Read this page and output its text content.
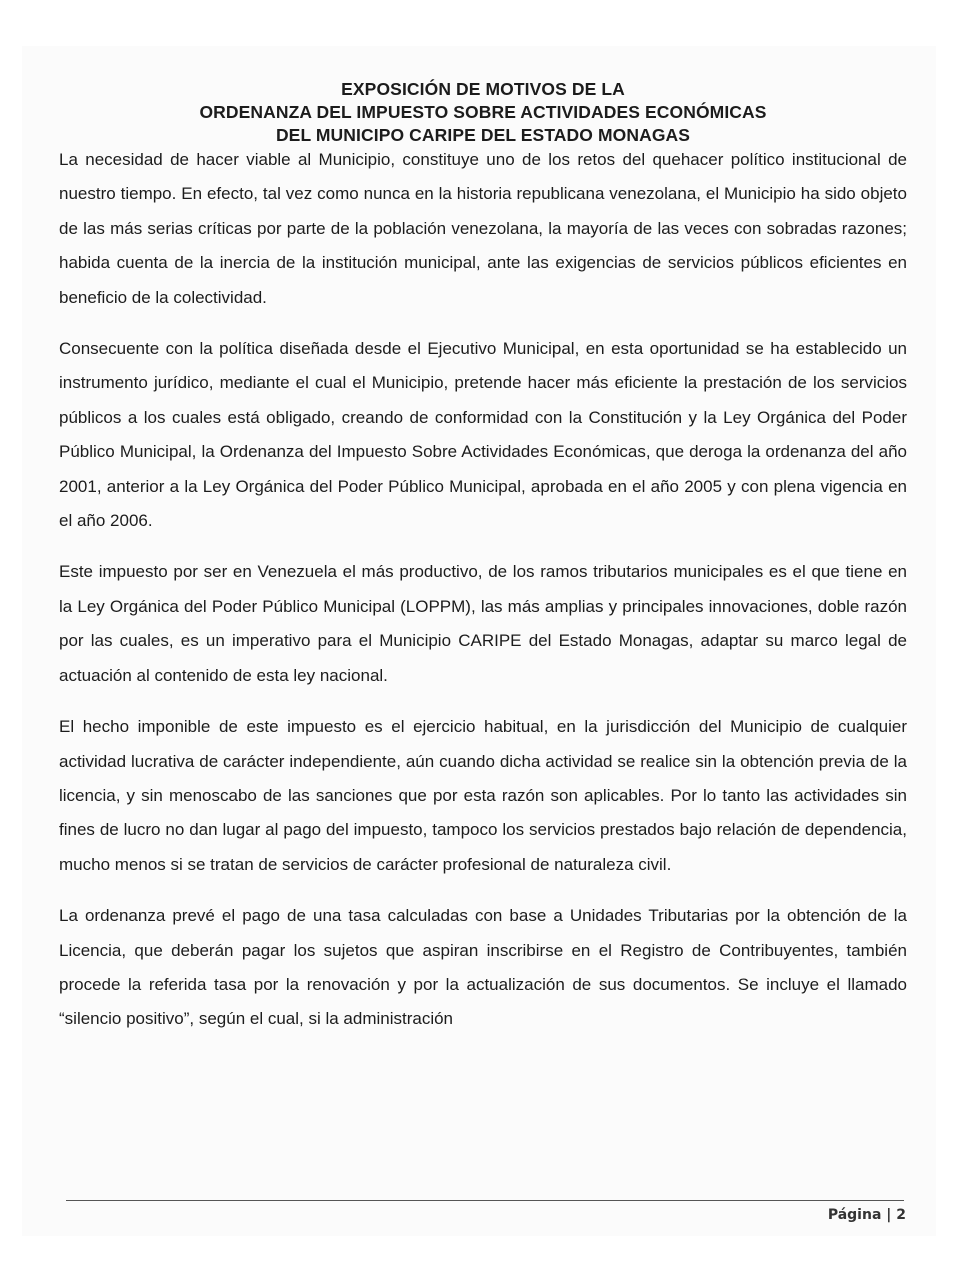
EXPOSICIÓN DE MOTIVOS DE LA
ORDENANZA DEL IMPUESTO SOBRE ACTIVIDADES ECONÓMICAS
DEL MUNICIPO CARIPE DEL ESTADO MONAGAS

La necesidad de hacer viable al Municipio, constituye uno de los retos del quehacer político institucional de nuestro tiempo. En efecto, tal vez como nunca en la historia republicana venezolana, el Municipio ha sido objeto de las más serias críticas por parte de la población venezolana, la mayoría de las veces con sobradas razones; habida cuenta de la inercia de la institución municipal, ante las exigencias de servicios públicos eficientes en beneficio de la colectividad.

Consecuente con la política diseñada desde el Ejecutivo Municipal, en esta oportunidad se ha establecido un instrumento jurídico, mediante el cual el Municipio, pretende hacer más eficiente la prestación de los servicios públicos a los cuales está obligado, creando de conformidad con la Constitución y la Ley Orgánica del Poder Público Municipal, la Ordenanza del Impuesto Sobre Actividades Económicas, que deroga la ordenanza del año 2001, anterior a la Ley Orgánica del Poder Público Municipal, aprobada en el año 2005 y con plena vigencia en el año 2006.

Este impuesto por ser en Venezuela el más productivo, de los ramos tributarios municipales es el que tiene en la Ley Orgánica del Poder Público Municipal (LOPPM), las más amplias y principales innovaciones, doble razón por las cuales, es un imperativo para el Municipio CARIPE del Estado Monagas, adaptar su marco legal de actuación al contenido de esta ley nacional.

El hecho imponible de este impuesto es el ejercicio habitual, en la jurisdicción del Municipio de cualquier actividad lucrativa de carácter independiente, aún cuando dicha actividad se realice sin la obtención previa de la licencia, y sin menoscabo de las sanciones que por esta razón son aplicables. Por lo tanto las actividades sin fines de lucro no dan lugar al pago del impuesto, tampoco los servicios prestados bajo relación de dependencia, mucho menos si se tratan de servicios de carácter profesional de naturaleza civil.

La ordenanza prevé el pago de una tasa calculadas con base a Unidades Tributarias por la obtención de la Licencia, que deberán pagar los sujetos que aspiran inscribirse en el Registro de Contribuyentes, también procede la referida tasa por la renovación y por la actualización de sus documentos. Se incluye el llamado “silencio positivo”, según el cual, si la administración

Página | 2
